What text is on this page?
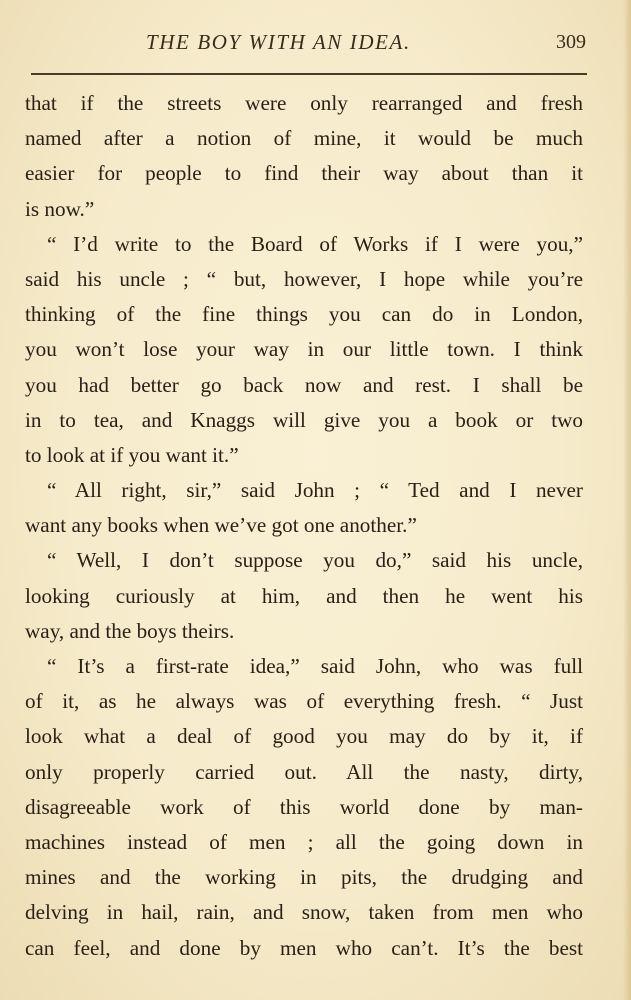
THE BOY WITH AN IDEA.	309
that if the streets were only rearranged and fresh
named after a notion of mine, it would be much
easier for people to find their way about than it
is now.”
“ I’d write to the Board of Works if I were you,”
said his uncle ; “ but, however, I hope while you’re
thinking of the fine things you can do in London,
you won’t lose your way in our little town. I think
you had better go back now and rest. I shall be
in to tea, and Knaggs will give you a book or two
to look at if you want it.”
“ All right, sir,” said John ; “ Ted and I never
want any books when we’ve got one another.”
“ Well, I don’t suppose you do,” said his uncle,
looking curiously at him, and then he went his
way, and the boys theirs.
“ It’s a first-rate idea,” said John, who was full
of it, as he always was of everything fresh. “ Just
look what a deal of good you may do by it, if
only properly carried out. All the nasty, dirty,
disagreeable work of this world done by man-
machines instead of men ; all the going down in
mines and the working in pits, the drudging and
delving in hail, rain, and snow, taken from men who
can feel, and done by men who can’t. It’s the best
